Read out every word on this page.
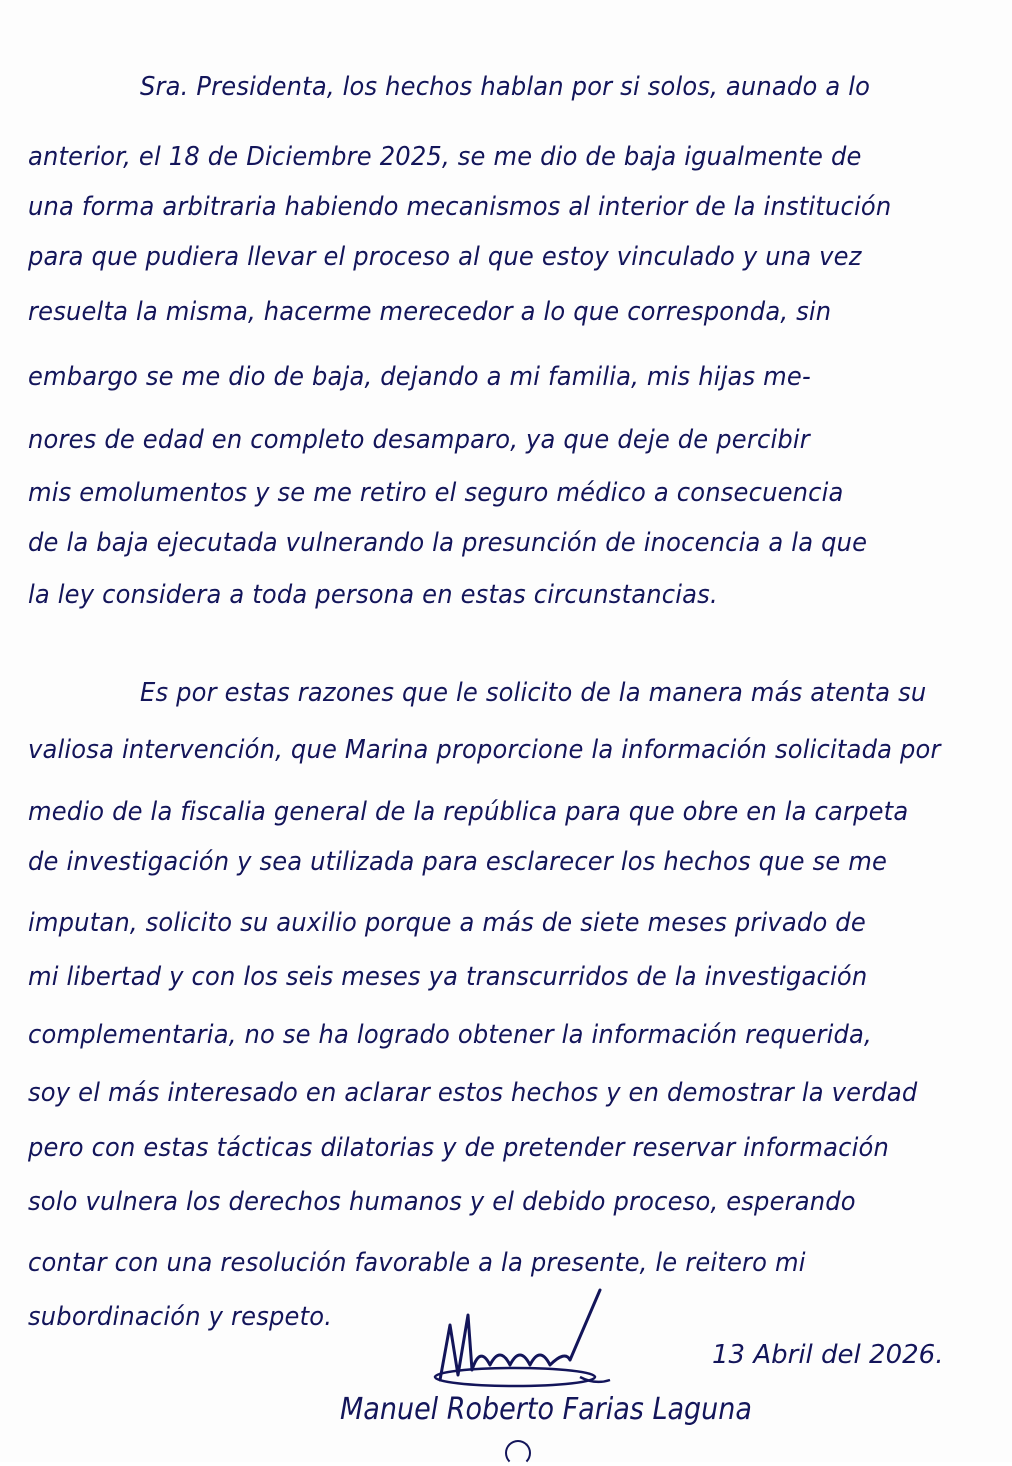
Sra. Presidenta, los hechos hablan por si solos, aunado a lo
anterior, el 18 de Diciembre 2025, se me dio de baja igualmente de
una forma arbitraria habiendo mecanismos al interior de la institución
para que pudiera llevar el proceso al que estoy vinculado y una vez
resuelta la misma, hacerme merecedor a lo que corresponda, sin
embargo se me dio de baja, dejando a mi familia, mis hijas me-
nores de edad en completo desamparo, ya que deje de percibir
mis emolumentos y se me retiro el seguro médico a consecuencia
de la baja ejecutada vulnerando la presunción de inocencia a la que
la ley considera a toda persona en estas circunstancias.
Es por estas razones que le solicito de la manera más atenta su
valiosa intervención, que Marina proporcione la información solicitada por
medio de la fiscalia general de la república para que obre en la carpeta
de investigación y sea utilizada para esclarecer los hechos que se me
imputan, solicito su auxilio porque a más de siete meses privado de
mi libertad y con los seis meses ya transcurridos de la investigación
complementaria, no se ha logrado obtener la información requerida,
soy el más interesado en aclarar estos hechos y en demostrar la verdad
pero con estas tácticas dilatorias y de pretender reservar información
solo vulnera los derechos humanos y el debido proceso, esperando
contar con una resolución favorable a la presente, le reitero mi
subordinación y respeto.
13 Abril del 2026.
Manuel Roberto Farias Laguna
